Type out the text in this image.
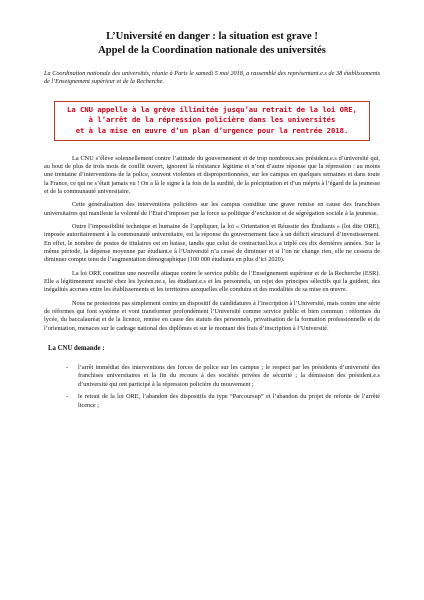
L’Université en danger : la situation est grave !
Appel de la Coordination nationale des universités

La Coordination nationale des universités, réunie à Paris le samedi 5 mai 2018, a rassemblé des représentant.e.s de 38 établissements de l’Enseignement supérieur et de la Recherche.

La CNU appelle à la grève illimitée jusqu’au retrait de la loi ORE,
à l’arrêt de la répression policière dans les universités
et à la mise en œuvre d’un plan d’urgence pour la rentrée 2018.

La CNU s’élève solennellement contre l’attitude du gouvernement et de trop nombreux.ses président.e.s d’université qui, au bout de plus de trois mois de conflit ouvert, ignorent la résistance légitime et n’ont d’autre réponse que la répression : au moins une trentaine d’interventions de la police, souvent violentes et disproportionnées, sur les campus en quelques semaines et dans toute la France, ce qui ne s’était jamais vu ! On a là le signe à la fois de la surdité, de la précipitation et d’un mépris à l’égard de la jeunesse et de la communauté universitaire.

Cette généralisation des interventions policières sur les campus constitue une grave remise en cause des franchises universitaires qui manifeste la volonté de l’État d’imposer par la force sa politique d’exclusion et de ségrégation sociale à la jeunesse.

Outre l’impossibilité technique et humaine de l’appliquer, la loi « Orientation et Réussite des Étudiants » (loi dite ORE), imposée autoritairement à la communauté universitaire, est la réponse du gouvernement face à un déficit structurel d’investissement. En effet, le nombre de postes de titulaires est en baisse, tandis que celui de contractuel.le.s a triplé ces dix dernières années. Sur la même période, la dépense moyenne par étudiant.e à l’Université n’a cessé de diminuer et si l’on ne change rien, elle ne cessera de diminuer compte tenu de l’augmentation démographique (100 000 étudiants en plus d’ici 2020).

La loi ORE constitue une nouvelle attaque contre le service public de l’Enseignement supérieur et de la Recherche (ESR). Elle a légitimement suscité chez les lycéen.ne.s, les étudiant.e.s et les personnels, un rejet des principes sélectifs qui la guident, des inégalités accrues entre les établissements et les territoires auxquelles elle conduira et des modalités de sa mise en œuvre.

Nous ne protestons pas simplement contre un dispositif de candidatures à l’inscription à l’Université, mais contre une série de réformes qui font système et vont transformer profondément l’Université comme service public et bien commun : réformes du lycée, du baccalauréat et de la licence, remise en cause des statuts des personnels, privatisation de la formation professionnelle et de l’orientation, menaces sur le cadrage national des diplômes et sur le montant des frais d’inscription à l’Université.

La CNU demande :
- l’arrêt immédiat des interventions des forces de police sur les campus ; le respect par les présidents d’université des franchises universitaires et la fin du recours à des sociétés privées de sécurité ; la démission des président.e.s d’université qui ont participé à la répression policière du mouvement ;
- le retrait de la loi ORE, l’abandon des dispositifs du type “Parcoursup” et l’abandon du projet de refonte de l’arrêté licence ;
